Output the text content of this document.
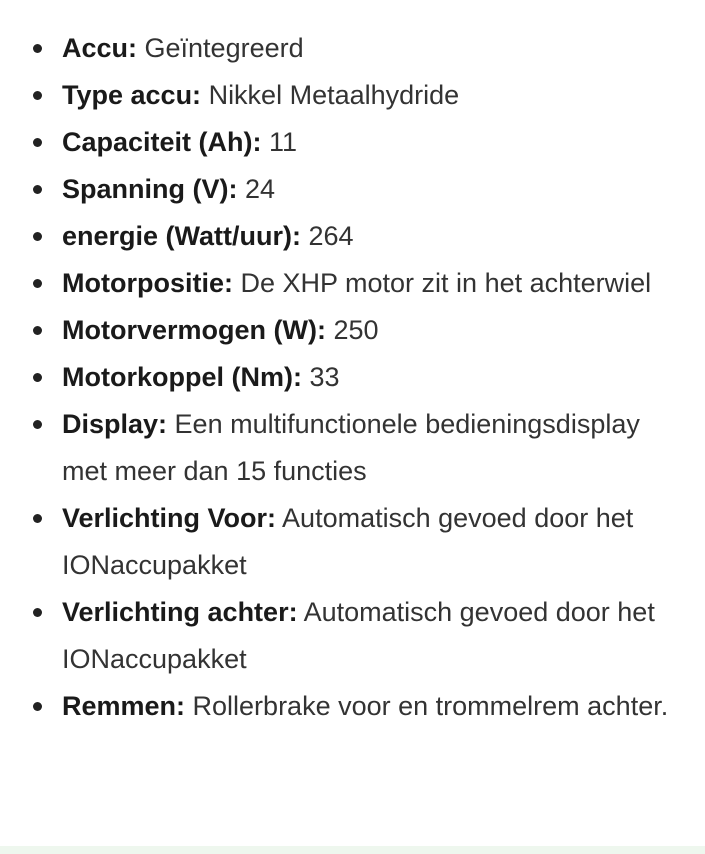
Accu: Geïntegreerd
Type accu: Nikkel Metaalhydride
Capaciteit (Ah): 11
Spanning (V): 24
energie (Watt/uur): 264
Motorpositie: De XHP motor zit in het achterwiel
Motorvermogen (W): 250
Motorkoppel (Nm): 33
Display: Een multifunctionele bedieningsdisplay met meer dan 15 functies
Verlichting Voor: Automatisch gevoed door het IONaccupakket
Verlichting achter: Automatisch gevoed door het IONaccupakket
Remmen: Rollerbrake voor en trommelrem achter.
